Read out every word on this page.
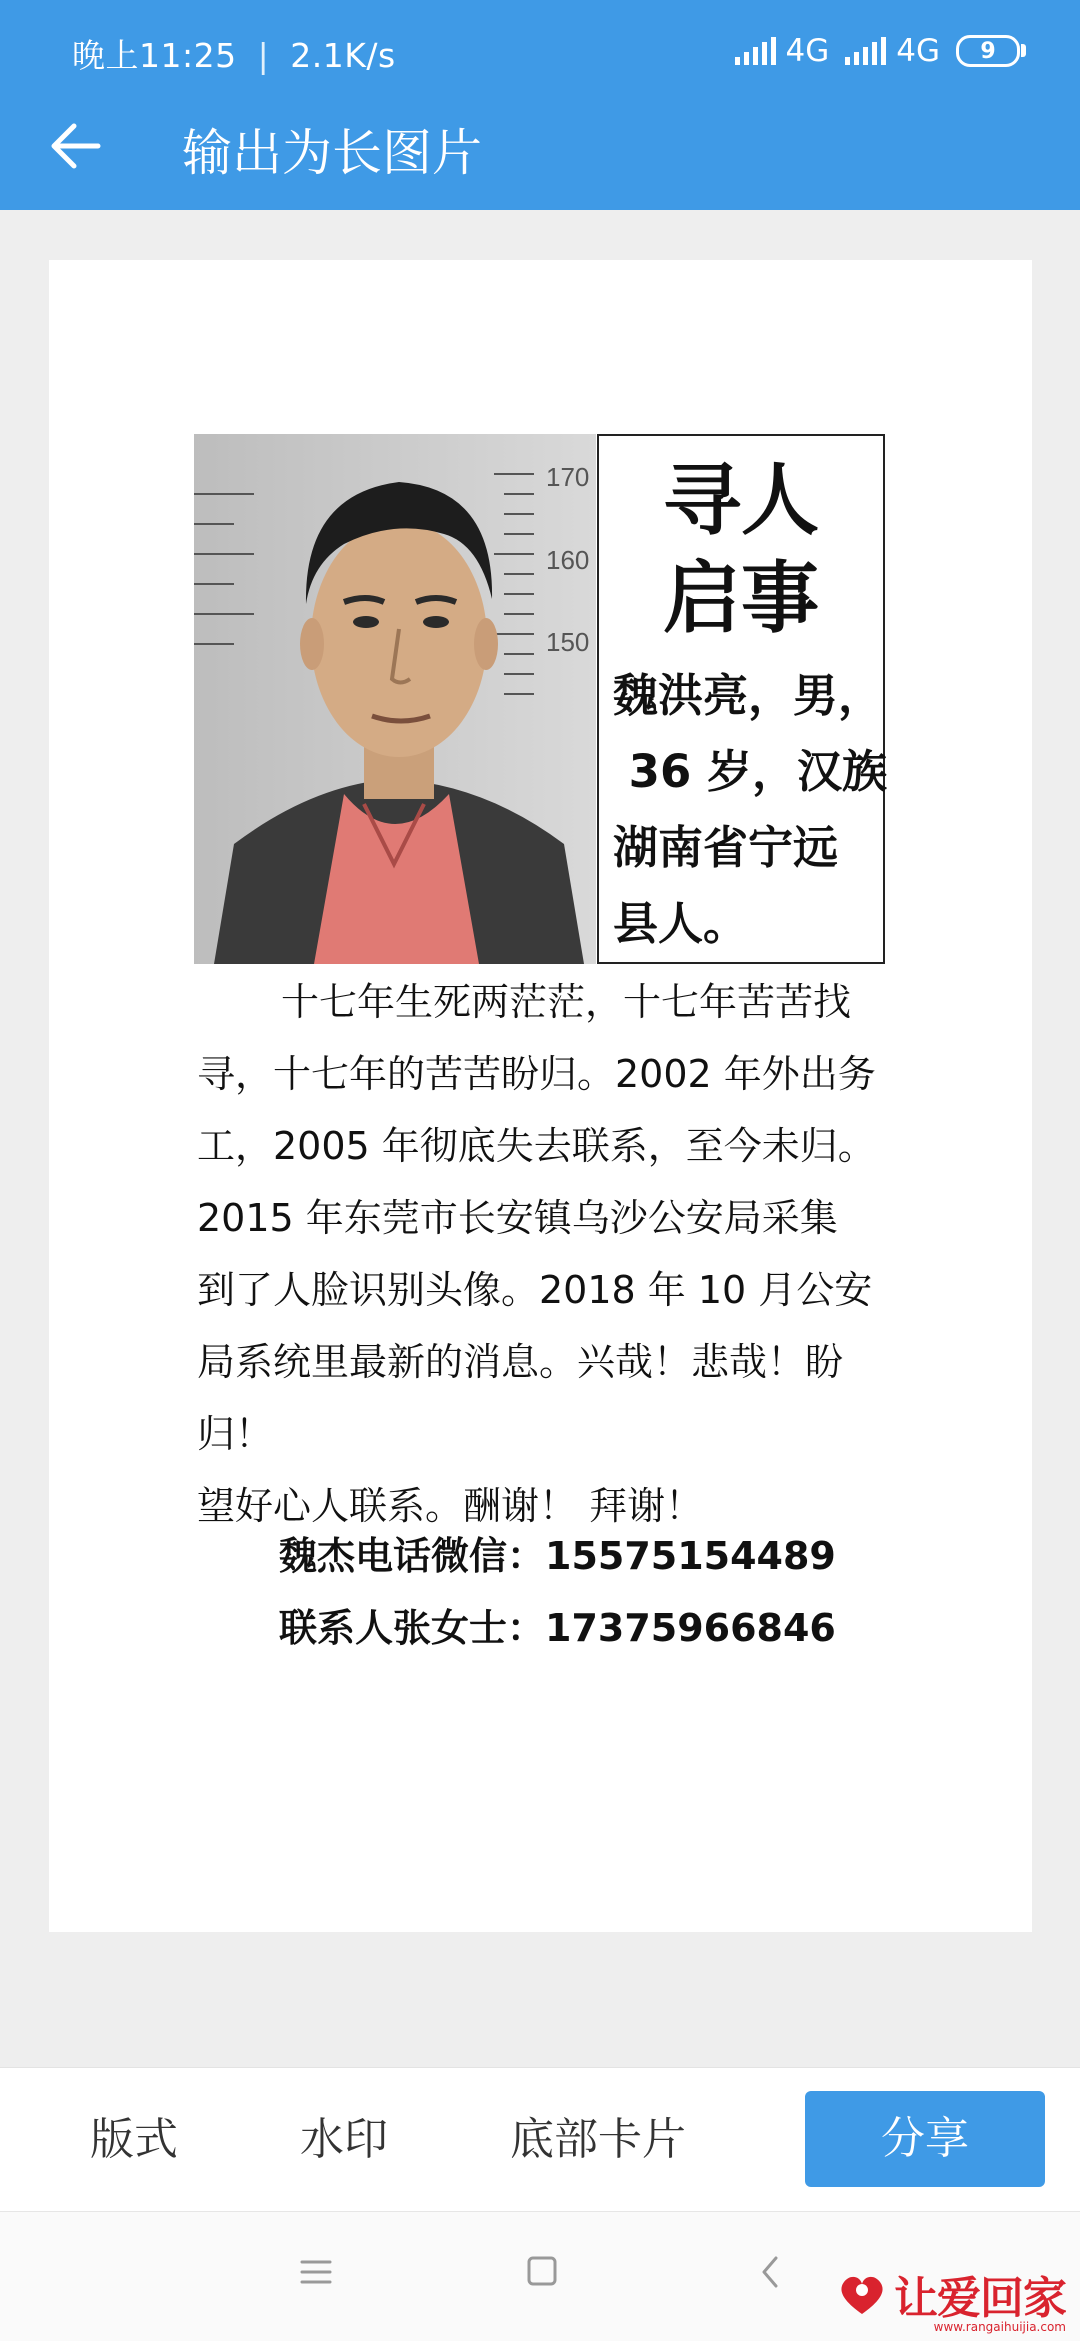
晚上11:25 | 2.1K/s	4G 4G 9
输出为长图片
170
160
150
寻人
启事
魏洪亮，男，
36 岁，汉族
湖南省宁远
县人。
十七年生死两茫茫，十七年苦苦找
寻，十七年的苦苦盼归。2002 年外出务
工，2005 年彻底失去联系，至今未归。
2015 年东莞市长安镇乌沙公安局采集
到了人脸识别头像。2018 年 10 月公安
局系统里最新的消息。兴哉！悲哉！盼归！
望好心人联系。酬谢！ 拜谢！
魏杰电话微信：15575154489
联系人张女士：17375966846
版式	水印	底部卡片	分享
让爱回家
www.rangaihuijia.com
